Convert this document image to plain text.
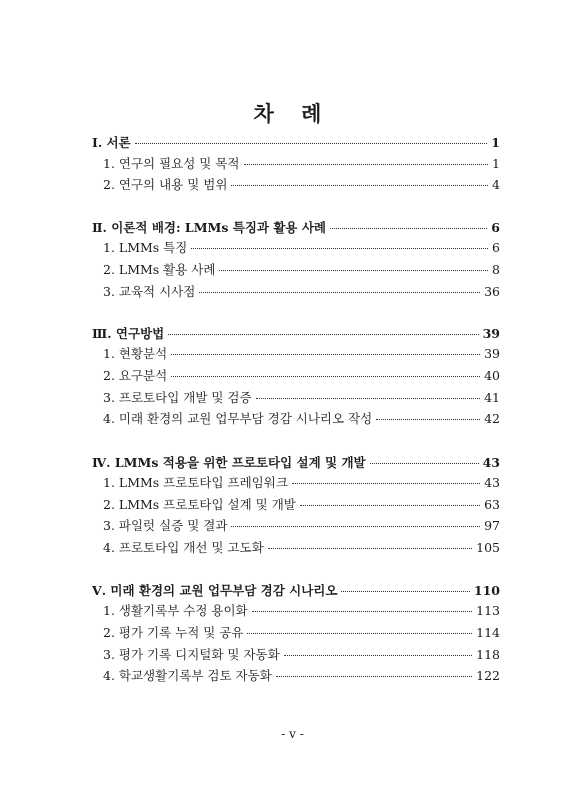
차 례
Ⅰ. 서론	1
1. 연구의 필요성 및 목적	1
2. 연구의 내용 및 범위	4
Ⅱ. 이론적 배경: LMMs 특징과 활용 사례	6
1. LMMs 특징	6
2. LMMs 활용 사례	8
3. 교육적 시사점	36
Ⅲ. 연구방법	39
1. 현황분석	39
2. 요구분석	40
3. 프로토타입 개발 및 검증	41
4. 미래 환경의 교원 업무부담 경감 시나리오 작성	42
Ⅳ. LMMs 적용을 위한 프로토타입 설계 및 개발	43
1. LMMs 프로토타입 프레임워크	43
2. LMMs 프로토타입 설계 및 개발	63
3. 파일럿 실증 및 결과	97
4. 프로토타입 개선 및 고도화	105
Ⅴ. 미래 환경의 교원 업무부담 경감 시나리오	110
1. 생활기록부 수정 용이화	113
2. 평가 기록 누적 및 공유	114
3. 평가 기록 디지털화 및 자동화	118
4. 학교생활기록부 검토 자동화	122
- v -
